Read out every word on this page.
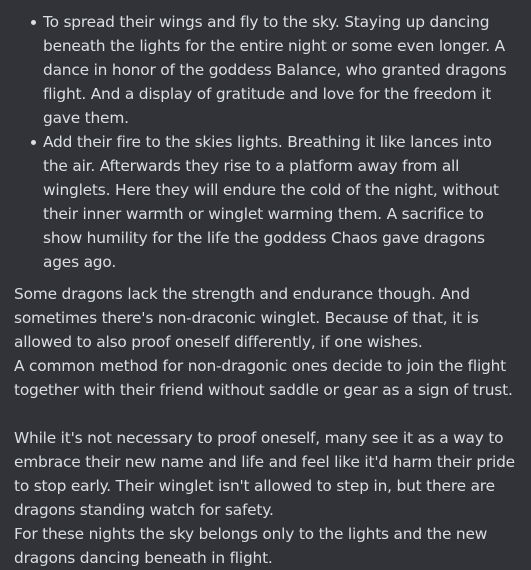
To spread their wings and fly to the sky. Staying up dancing beneath the lights for the entire night or some even longer. A dance in honor of the goddess Balance, who granted dragons flight. And a display of gratitude and love for the freedom it gave them.
Add their fire to the skies lights. Breathing it like lances into the air. Afterwards they rise to a platform away from all winglets. Here they will endure the cold of the night, without their inner warmth or winglet warming them. A sacrifice to show humility for the life the goddess Chaos gave dragons ages ago.

Some dragons lack the strength and endurance though. And sometimes there's non-draconic winglet. Because of that, it is allowed to also proof oneself differently, if one wishes.

A common method for non-dragonic ones decide to join the flight together with their friend without saddle or gear as a sign of trust.

While it's not necessary to proof oneself, many see it as a way to embrace their new name and life and feel like it'd harm their pride to stop early. Their winglet isn't allowed to step in, but there are dragons standing watch for safety.

For these nights the sky belongs only to the lights and the new dragons dancing beneath in flight.
